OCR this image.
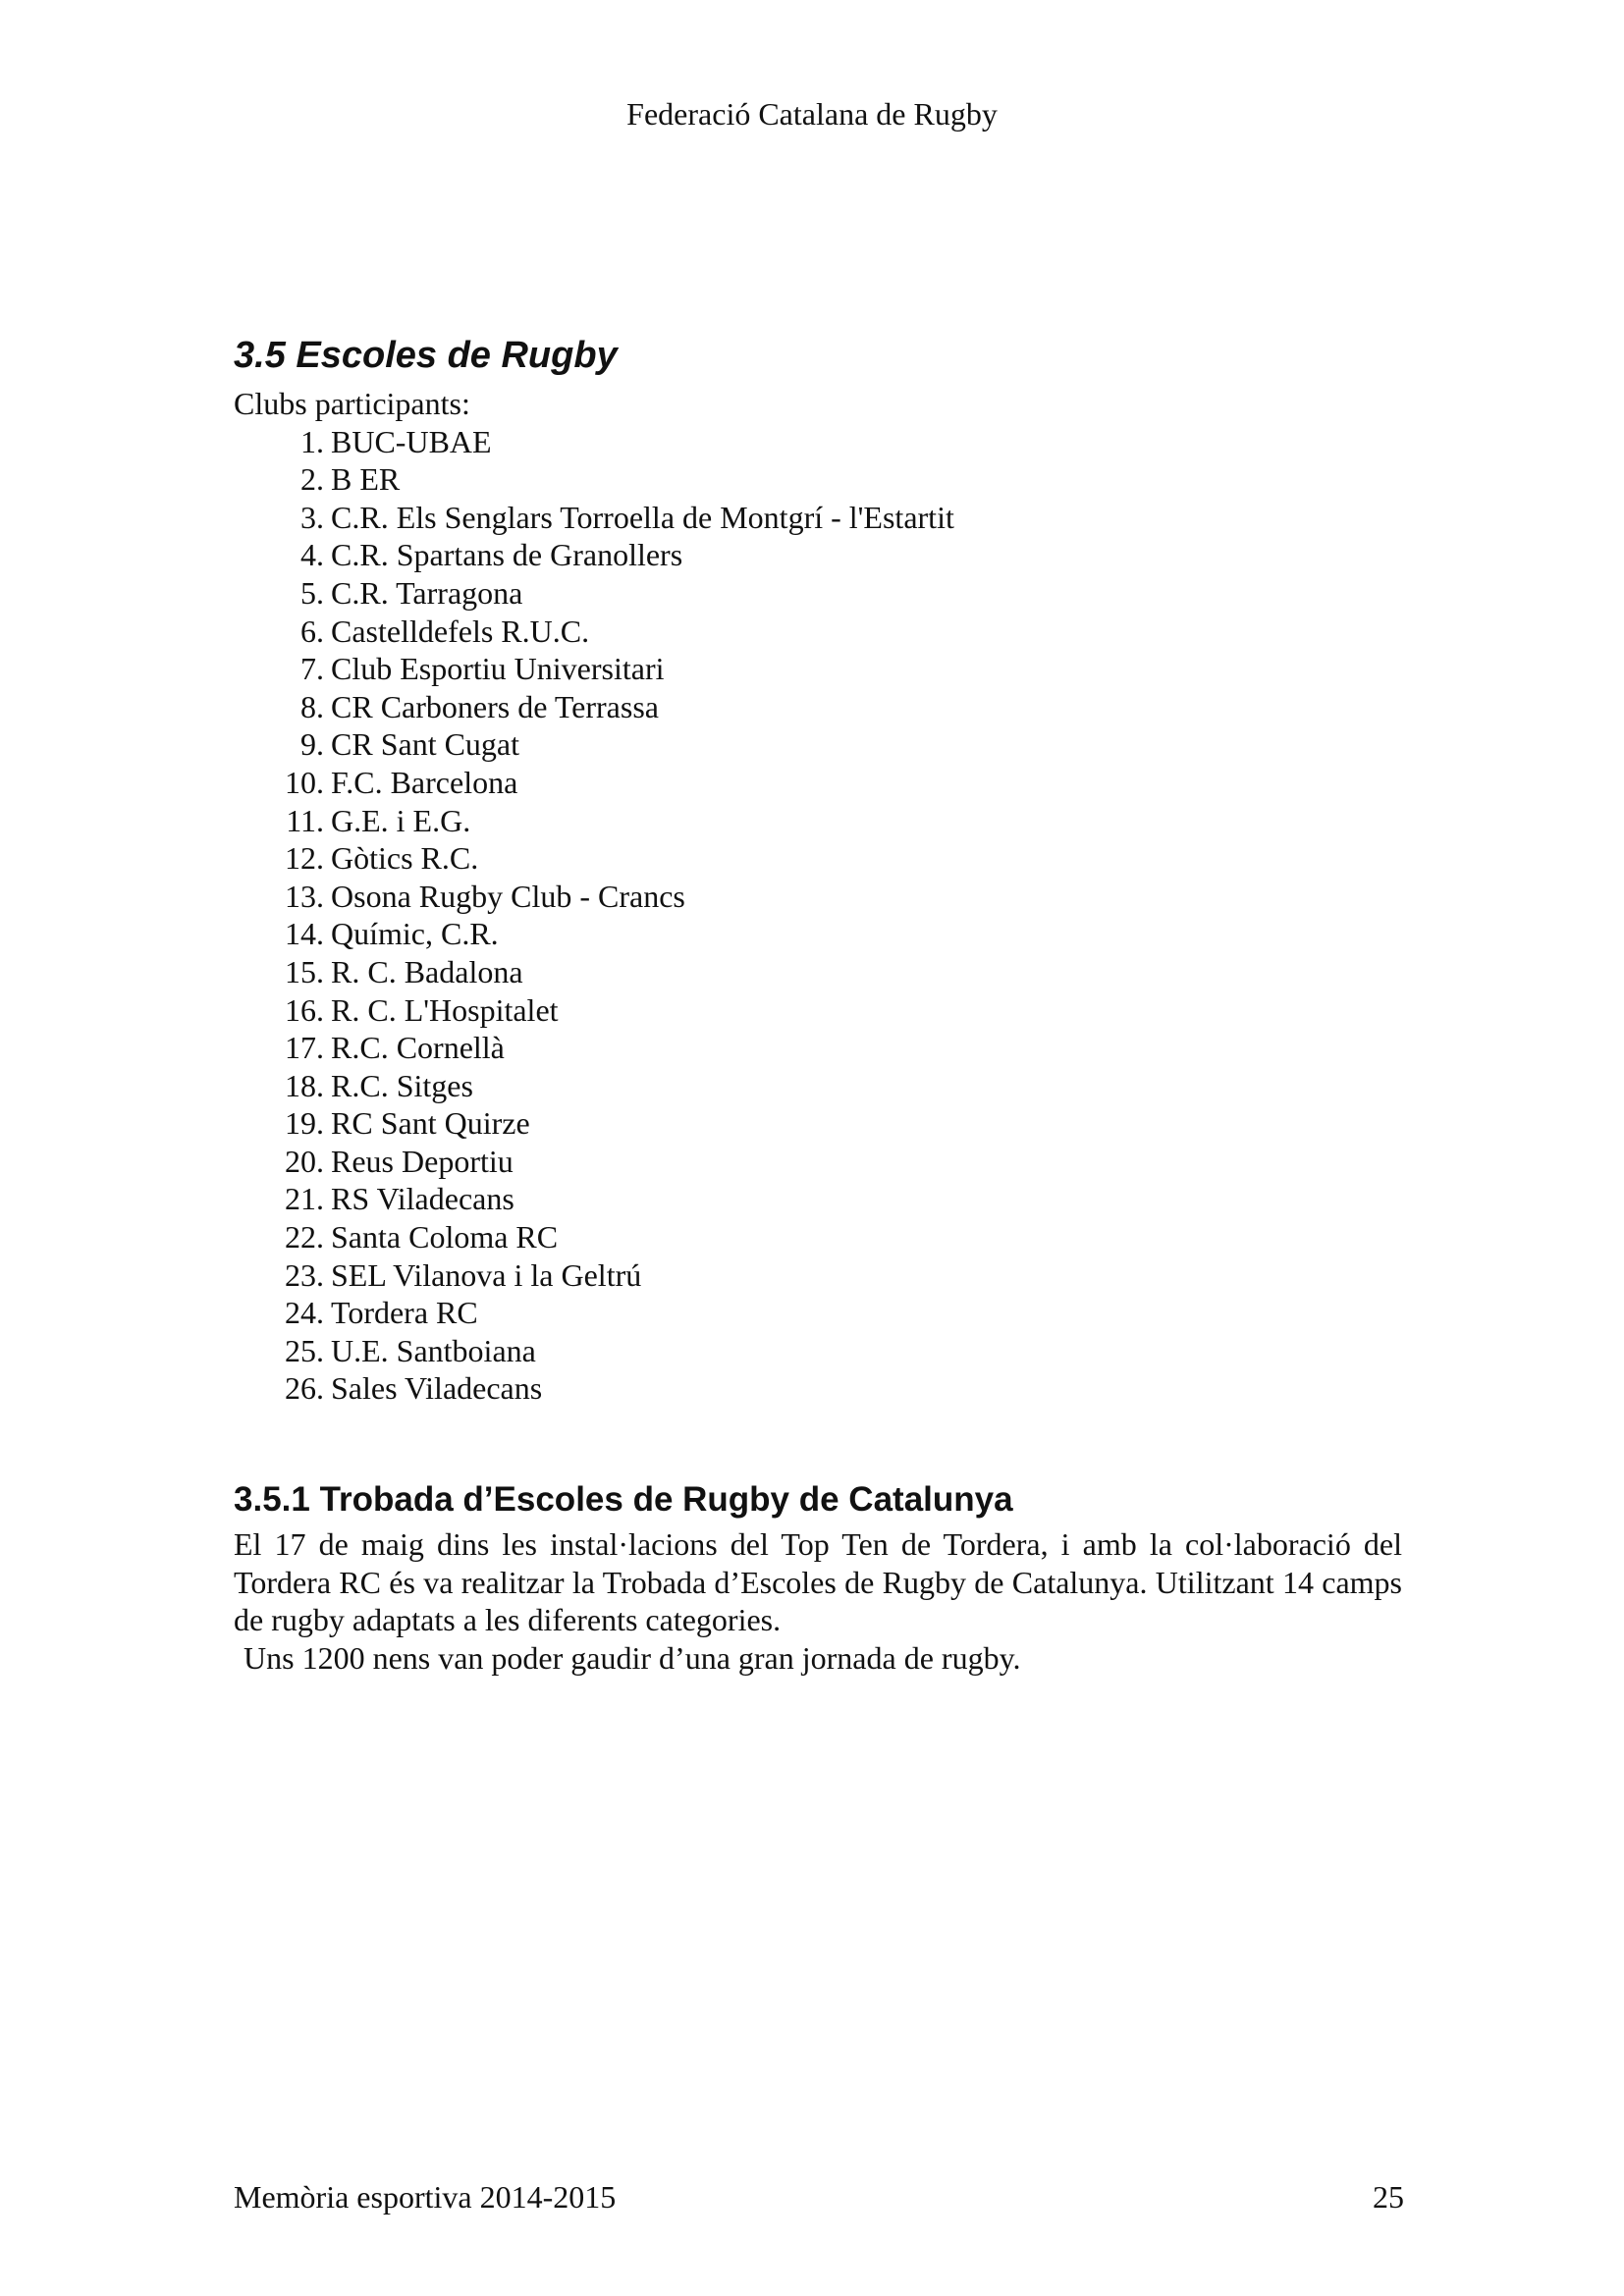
Federació Catalana de Rugby
3.5 Escoles de Rugby
Clubs participants:
1. BUC-UBAE
2. B ER
3. C.R. Els Senglars Torroella de Montgrí - l'Estartit
4. C.R. Spartans de Granollers
5. C.R. Tarragona
6. Castelldefels R.U.C.
7. Club Esportiu Universitari
8. CR Carboners de Terrassa
9. CR Sant Cugat
10. F.C. Barcelona
11. G.E. i E.G.
12. Gòtics R.C.
13. Osona Rugby Club - Crancs
14. Químic, C.R.
15. R. C. Badalona
16. R. C. L'Hospitalet
17. R.C. Cornellà
18. R.C. Sitges
19. RC Sant Quirze
20. Reus Deportiu
21. RS Viladecans
22. Santa Coloma RC
23. SEL Vilanova i la Geltrú
24. Tordera RC
25. U.E. Santboiana
26. Sales Viladecans
3.5.1 Trobada d’Escoles de Rugby de Catalunya

El 17 de maig dins les instal·lacions del Top Ten de Tordera, i amb la col·laboració del Tordera RC és va realitzar la Trobada d’Escoles de Rugby de Catalunya. Utilitzant 14 camps de rugby adaptats a les diferents categories.

Uns 1200 nens van poder gaudir d’una gran jornada de rugby.

Memòria esportiva 2014-2015	25
